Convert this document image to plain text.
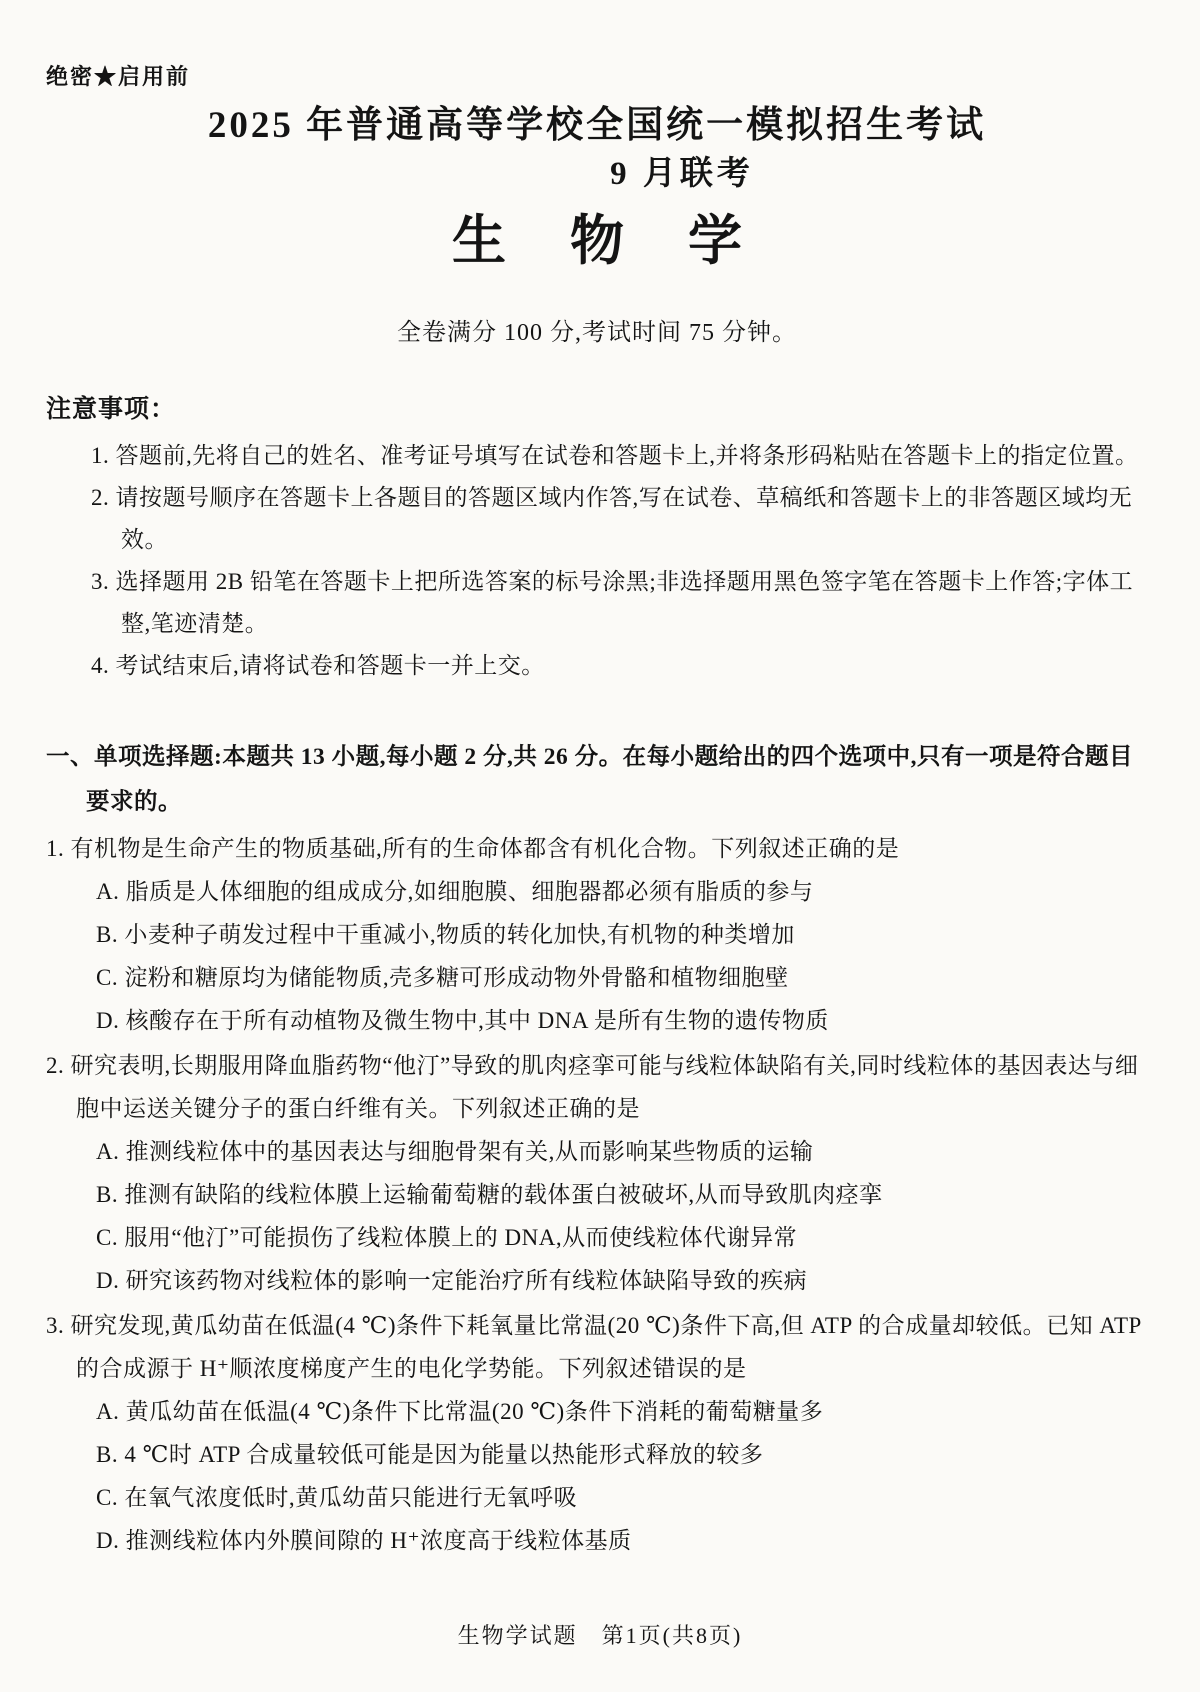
绝密★启用前
2025 年普通高等学校全国统一模拟招生考试
9 月联考
生物学
全卷满分 100 分,考试时间 75 分钟。
注意事项：
1. 答题前,先将自己的姓名、准考证号填写在试卷和答题卡上,并将条形码粘贴在答题卡上的指定位置。
2. 请按题号顺序在答题卡上各题目的答题区域内作答,写在试卷、草稿纸和答题卡上的非答题区域均无效。
3. 选择题用 2B 铅笔在答题卡上把所选答案的标号涂黑;非选择题用黑色签字笔在答题卡上作答;字体工整,笔迹清楚。
4. 考试结束后,请将试卷和答题卡一并上交。
一、单项选择题:本题共 13 小题,每小题 2 分,共 26 分。在每小题给出的四个选项中,只有一项是符合题目要求的。
1. 有机物是生命产生的物质基础,所有的生命体都含有机化合物。下列叙述正确的是
A. 脂质是人体细胞的组成成分,如细胞膜、细胞器都必须有脂质的参与
B. 小麦种子萌发过程中干重减小,物质的转化加快,有机物的种类增加
C. 淀粉和糖原均为储能物质,壳多糖可形成动物外骨骼和植物细胞壁
D. 核酸存在于所有动植物及微生物中,其中 DNA 是所有生物的遗传物质
2. 研究表明,长期服用降血脂药物“他汀”导致的肌肉痉挛可能与线粒体缺陷有关,同时线粒体的基因表达与细胞中运送关键分子的蛋白纤维有关。下列叙述正确的是
A. 推测线粒体中的基因表达与细胞骨架有关,从而影响某些物质的运输
B. 推测有缺陷的线粒体膜上运输葡萄糖的载体蛋白被破坏,从而导致肌肉痉挛
C. 服用“他汀”可能损伤了线粒体膜上的 DNA,从而使线粒体代谢异常
D. 研究该药物对线粒体的影响一定能治疗所有线粒体缺陷导致的疾病
3. 研究发现,黄瓜幼苗在低温(4 ℃)条件下耗氧量比常温(20 ℃)条件下高,但 ATP 的合成量却较低。已知 ATP 的合成源于 H⁺顺浓度梯度产生的电化学势能。下列叙述错误的是
A. 黄瓜幼苗在低温(4 ℃)条件下比常温(20 ℃)条件下消耗的葡萄糖量多
B. 4 ℃时 ATP 合成量较低可能是因为能量以热能形式释放的较多
C. 在氧气浓度低时,黄瓜幼苗只能进行无氧呼吸
D. 推测线粒体内外膜间隙的 H⁺浓度高于线粒体基质
生物学试题　第1页(共8页)
